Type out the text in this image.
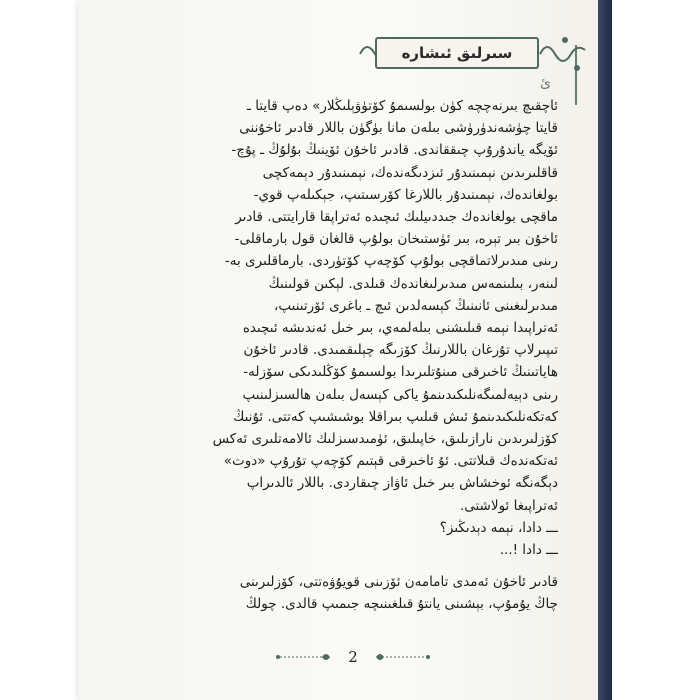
سىرلىق ئىشارە
ئ
ئاچقىچ بىرنەچچە كۈن بولسىمۇ كۆتۈۋېلىڭلار» دەپ قايتا ـ
قايتا چۈشەندۈرۈشى بىلەن مانا بۈگۈن باللار قادىر ئاخۇننى
ئۆيگە ياندۇرۇپ چىققاندى. قادىر ئاخۇن ئۆينىڭ بۇلۇڭ ـ پۇچ-
قاقلىرىدىن نېمىنىدۇر ئىزدىگەندەك، نېمىنىدۇر دېمەكچى
بولغاندەك، نېمىنىدۇر باللارغا كۆرسىتىپ، جېكىلەپ قوي-
ماقچى بولغاندەك جىددىيلىك ئىچىدە ئەتراپقا قارايتتى. قادىر
ئاخۇن بىر تېرە، بىر ئۈستىخان بولۇپ قالغان قول بارماقلى-
رىنى مىدىرلاتماقچى بولۇپ كۆچەپ كۆتۈردى. بارماقلىرى بە-
لىنەر، بىلىنمەس مىدىرلىغاندەك قىلدى. لېكىن قولىنىڭ
مىدىرلىغىنى ئانىنىڭ كېسەلدىن ئىچ ـ باغرى ئۆرتىنىپ،
ئەتراپىدا نېمە قىلىشنى بىلەلمەي، بىر خىل ئەندىشە ئىچىدە
تىپىرلاپ تۇرغان باللارنىڭ كۆزىگە چېلىقمىدى. قادىر ئاخۇن
ھاياتىنىڭ ئاخىرقى مىنۇتلىرىدا بولسىمۇ كۆڭلىدىكى سۆزلە-
رىنى دېيەلمىگەنلىكىدىنمۇ ياكى كېسەل بىلەن ھالسىزلىنىپ
كەتكەنلىكىدىنمۇ ئىش قىلىپ بىراقلا بوشىشىپ كەتتى. ئۇنىڭ
كۆزلىرىدىن نارازىلىق، خاپىلىق، ئۈمىدسىزلىك ئالامەتلىرى ئەكس
ئەتكەندەك قىلاتتى. ئۇ ئاخىرقى قېتىم كۆچەپ تۇرۇپ «دوت»
دېگەنگە ئوخشاش بىر خىل ئاۋاز چىقاردى. باللار ئالدىراپ
ئەتراپىغا ئولاشتى.
ـــ دادا، نېمە دېدىڭىز؟
ـــ دادا !...
قادىر ئاخۇن ئەمدى تامامەن ئۆزىنى قويۇۋەتتى، كۆزلىرىنى
چاڭ يۇمۇپ، بېشىنى يانتۇ قىلغىنىچە جىمىپ قالدى. چولڭ
2
